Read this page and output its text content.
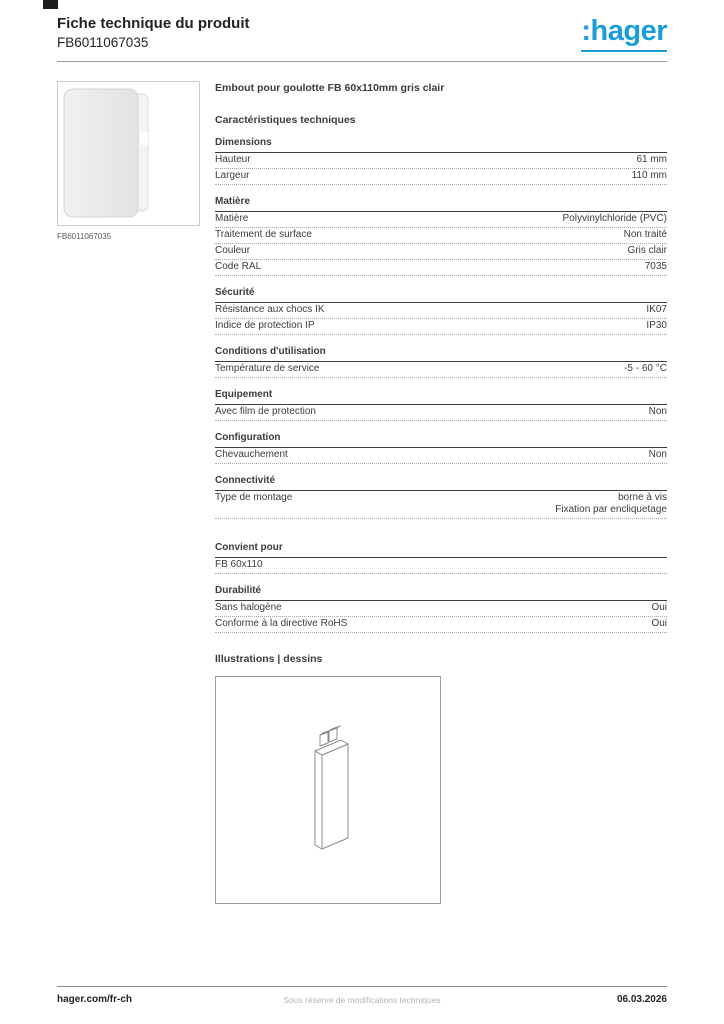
Fiche technique du produit
FB6011067035	:hager
FB6011067035
Embout pour goulotte FB 60x110mm gris clair
Caractéristiques techniques
Dimensions
Hauteur	61 mm
Largeur	110 mm
Matière
Matière	Polyvinylchloride (PVC)
Traitement de surface	Non traité
Couleur	Gris clair
Code RAL	7035
Sécurité
Résistance aux chocs IK	IK07
Indice de protection IP	IP30
Conditions d'utilisation
Température de service	-5 - 60 °C
Equipement
Avec film de protection	Non
Configuration
Chevauchement	Non
Connectivité
Type de montage	borne à vis
Fixation par encliquetage
Convient pour
FB 60x110
Durabilité
Sans halogène	Oui
Conforme à la directive RoHS	Oui
Illustrations | dessins
hager.com/fr-ch	Sous réserve de modifications techniques	06.03.2026
